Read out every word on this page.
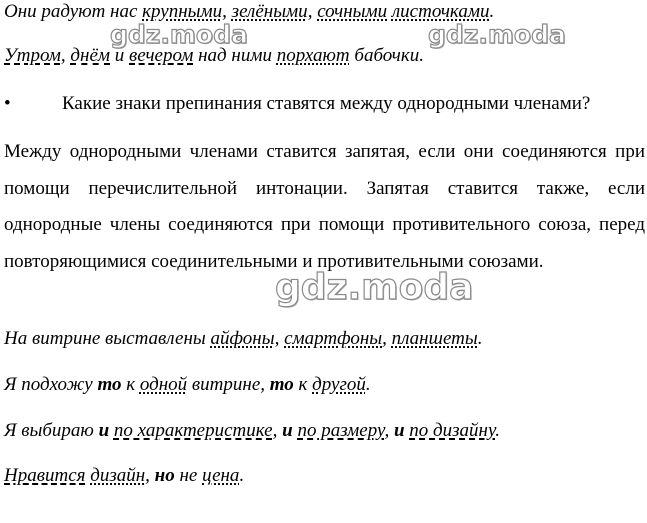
Они радуют нас крупными, зелёными, сочными листочками.
Утром, днём и вечером над ними порхают бабочки.
•	Какие знаки препинания ставятся между однородными членами?
Между однородными членами ставится запятая, если они соединяются при помощи перечислительной интонации. Запятая ставится также, если однородные члены соединяются при помощи противительного союза, перед повторяющимися соединительными и противительными союзами.
На витрине выставлены айфоны, смартфоны, планшеты.
Я подхожу то к одной витрине, то к другой.
Я выбираю и по характеристике, и по размеру, и по дизайну.
Нравится дизайн, но не цена.
gdz.moda	gdz.moda
gdz.moda
